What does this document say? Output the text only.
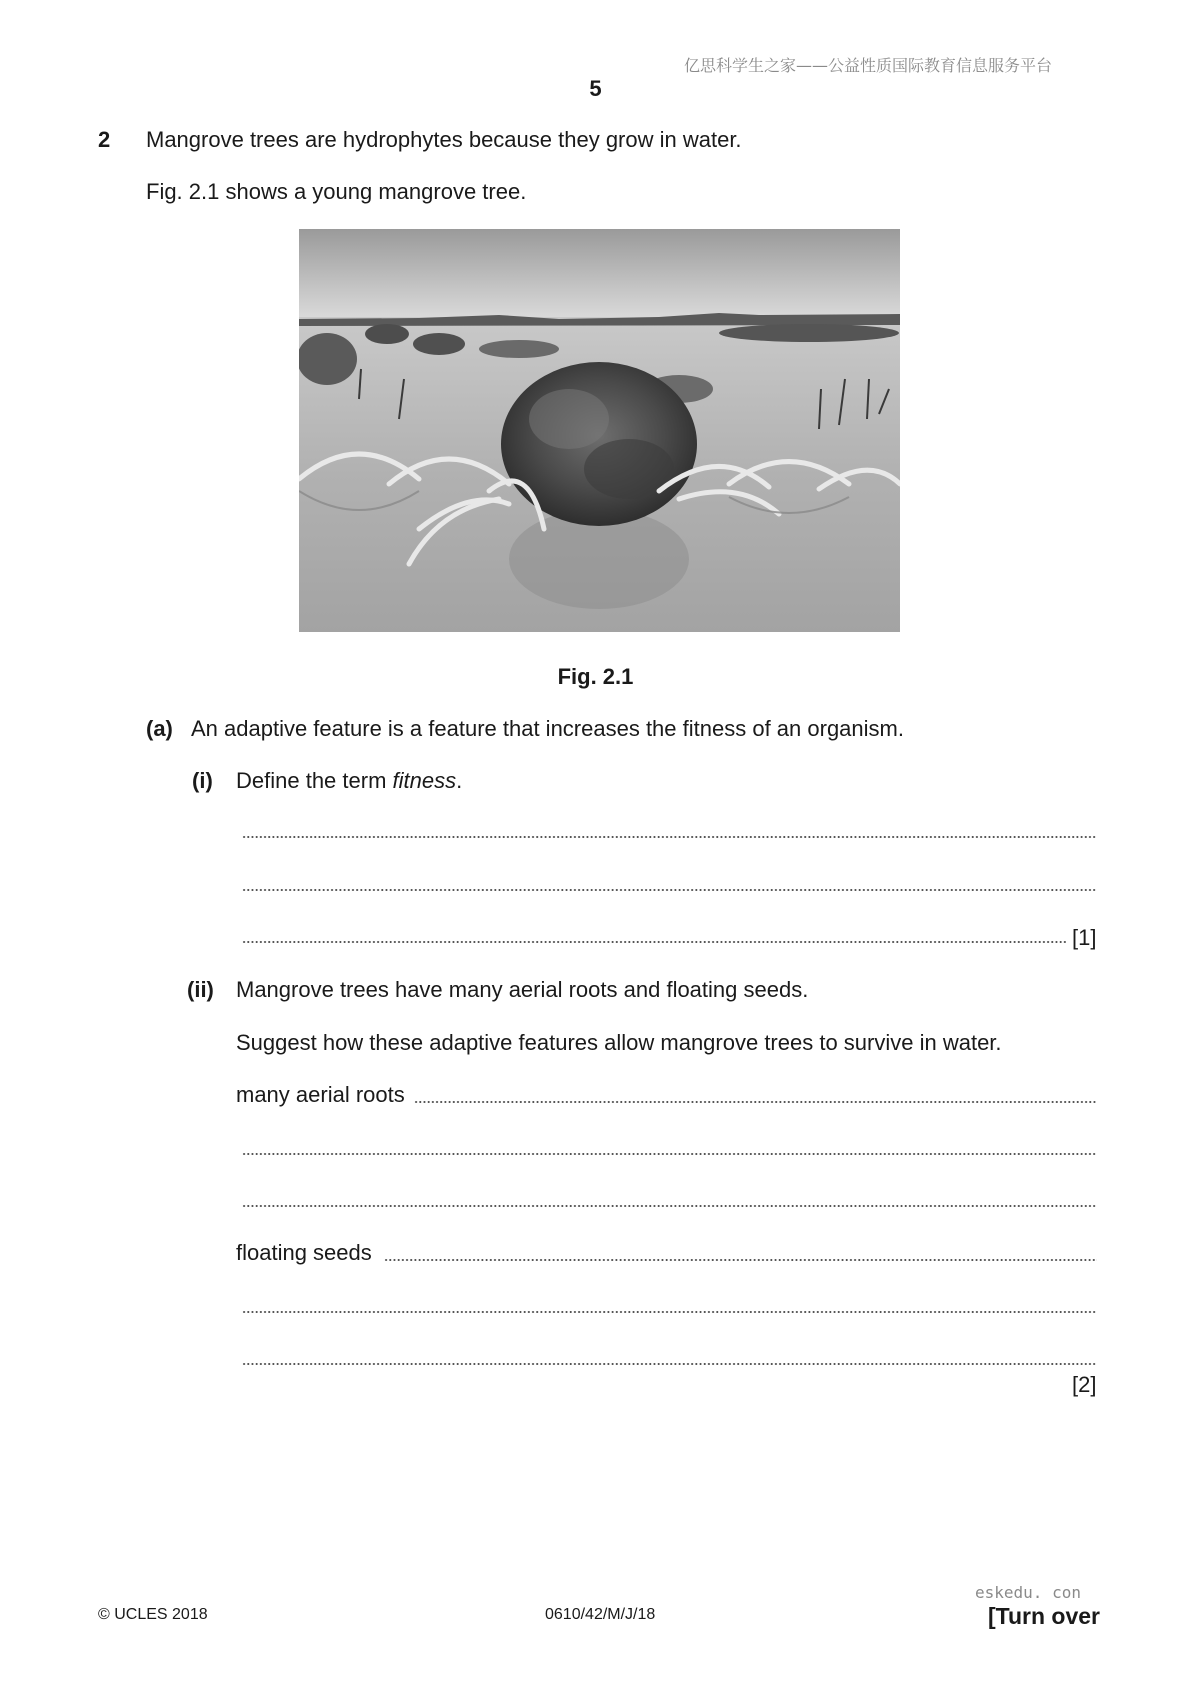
亿思科学生之家——公益性质国际教育信息服务平台
5
2 Mangrove trees are hydrophytes because they grow in water.
Fig. 2.1 shows a young mangrove tree.
Fig. 2.1
(a) An adaptive feature is a feature that increases the fitness of an organism.
(i) Define the term fitness.
[1]
(ii) Mangrove trees have many aerial roots and floating seeds.
Suggest how these adaptive features allow mangrove trees to survive in water.
many aerial roots
floating seeds
[2]
eskedu. con
© UCLES 2018	0610/42/M/J/18	[Turn over
